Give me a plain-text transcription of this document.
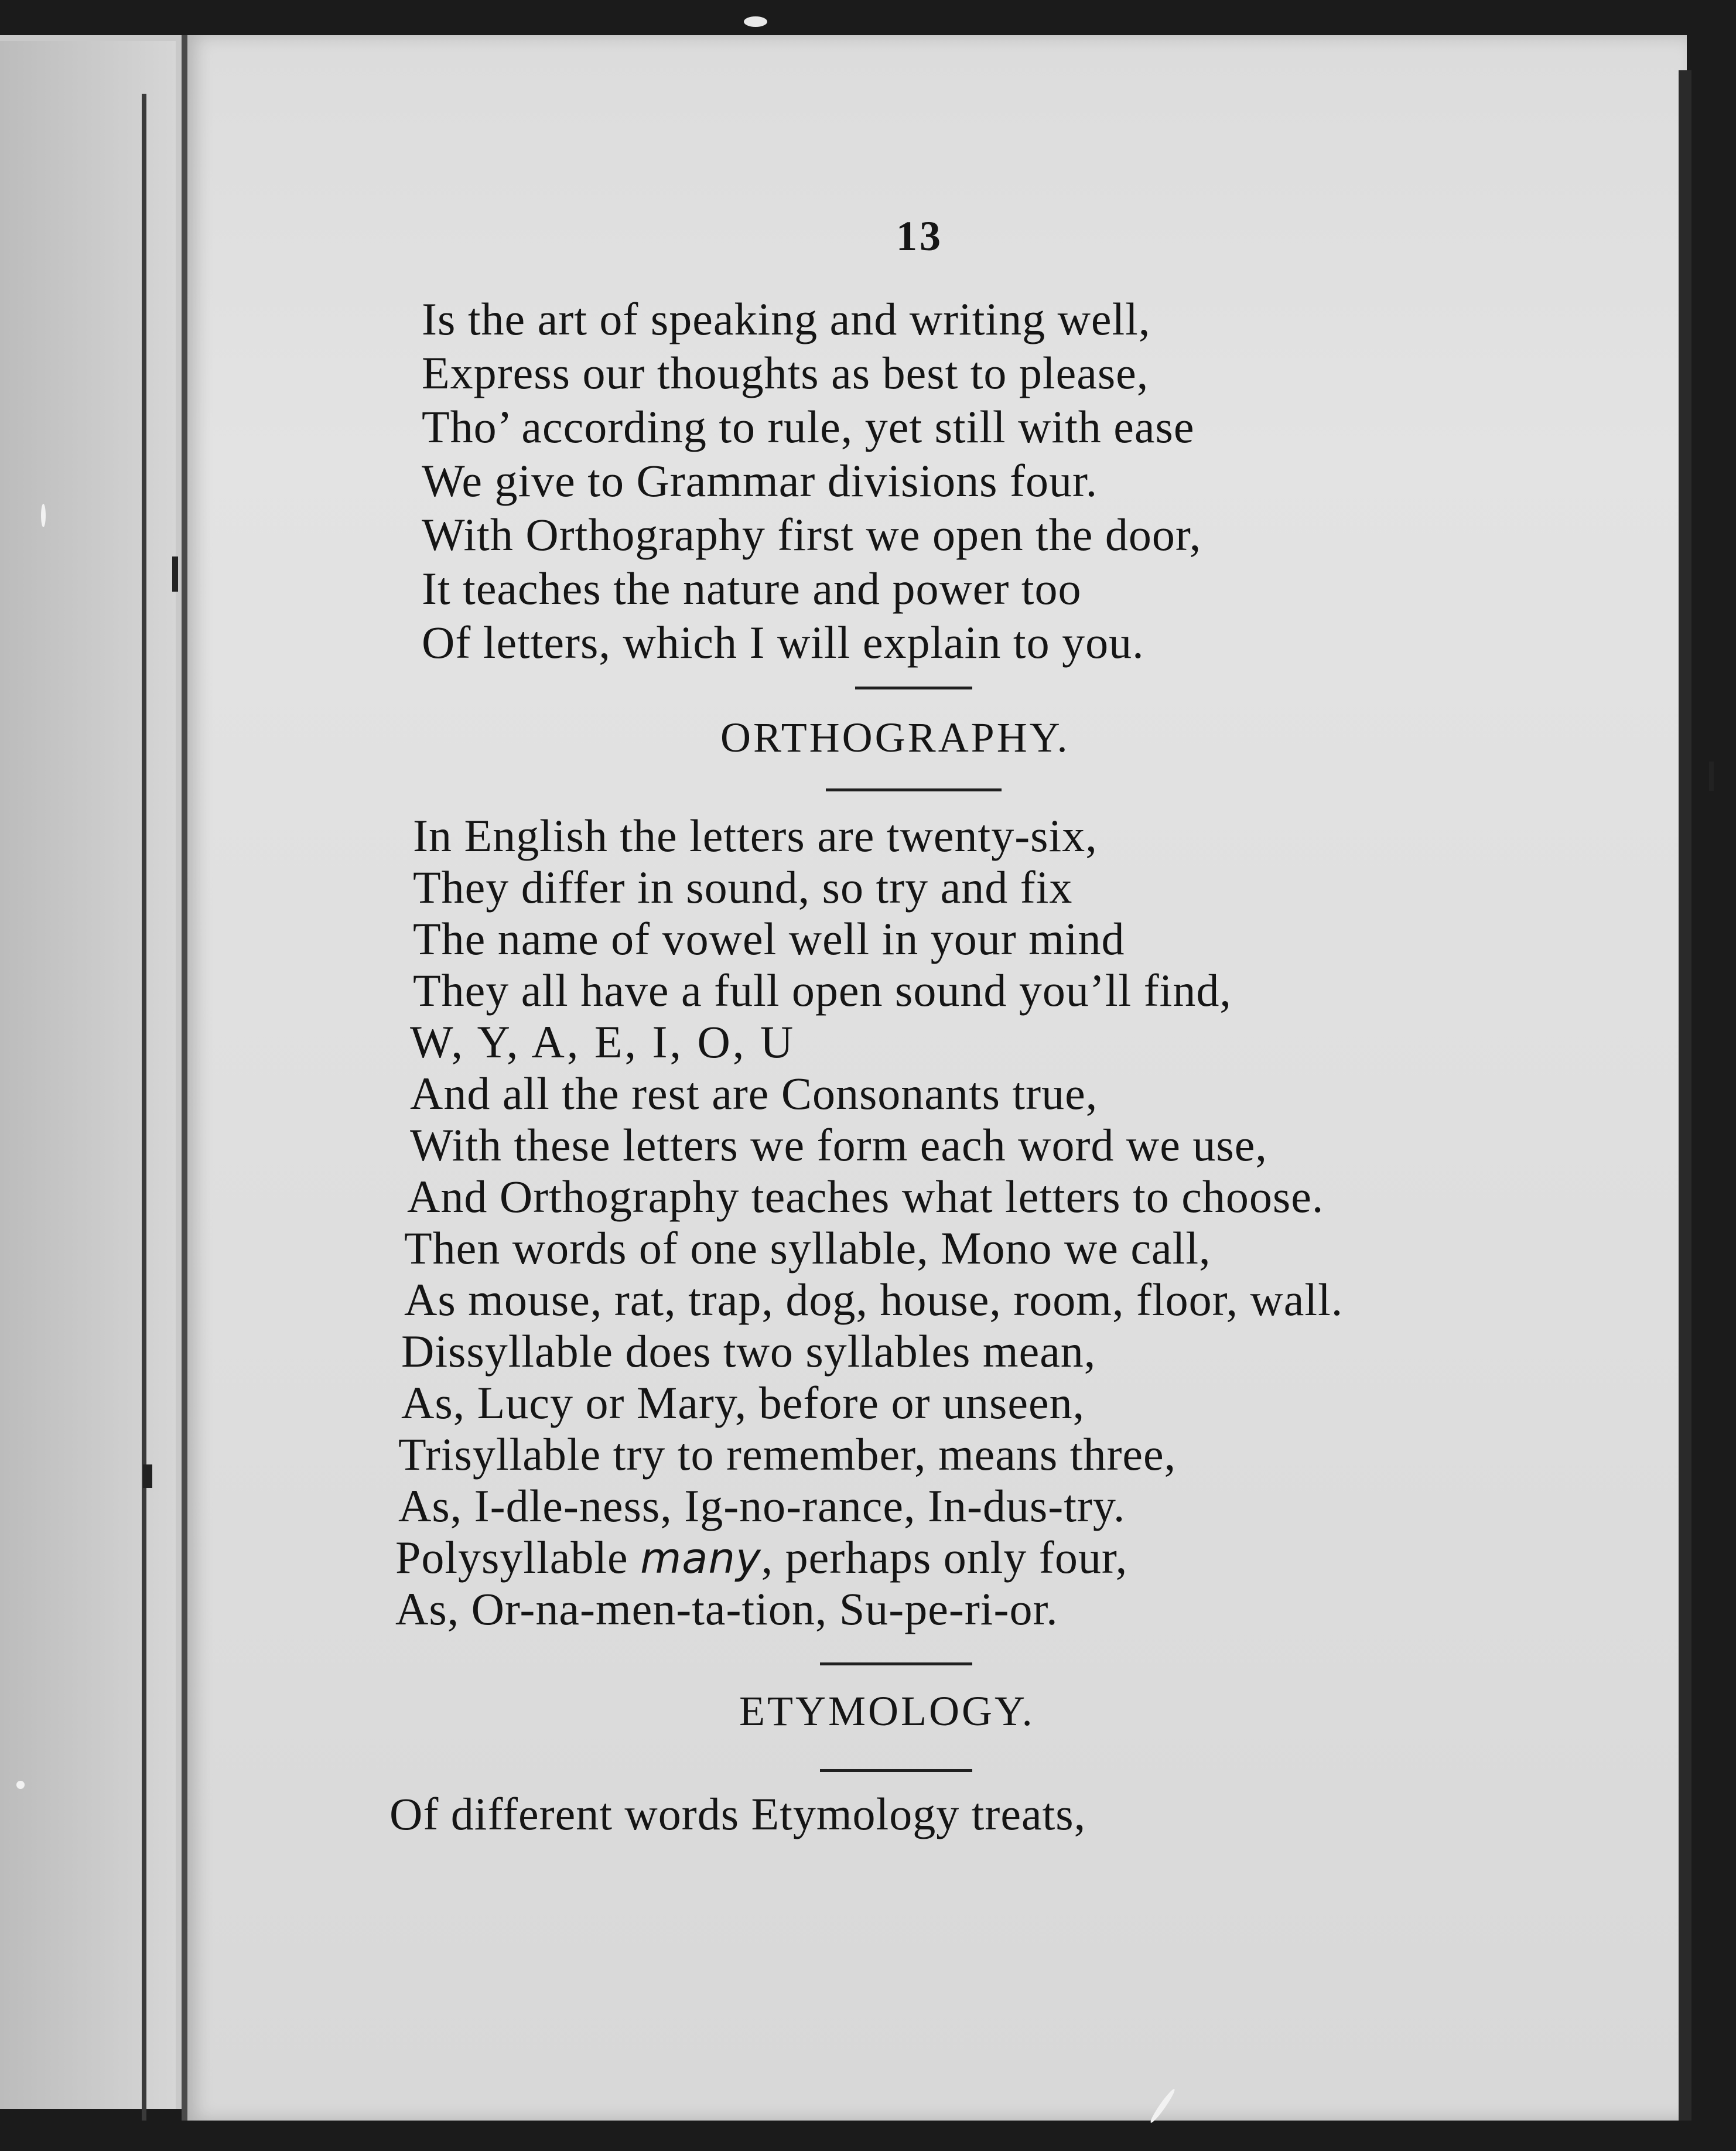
13
Is the art of speaking and writing well,
Express our thoughts as best to please,
Tho’ according to rule, yet still with ease
We give to Grammar divisions four.
With Orthography first we open the door,
It teaches the nature and power too
Of letters, which I will explain to you.
ORTHOGRAPHY.
In English the letters are twenty-six,
They differ in sound, so try and fix
The name of vowel well in your mind
They all have a full open sound you’ll find,
W, Y, A, E, I, O, U
And all the rest are Consonants true,
With these letters we form each word we use,
And Orthography teaches what letters to choose.
Then words of one syllable, Mono we call,
As mouse, rat, trap, dog, house, room, floor, wall.
Dissyllable does two syllables mean,
As, Lucy or Mary, before or unseen,
Trisyllable try to remember, means three,
As, I-dle-ness, Ig-no-rance, In-dus-try.
Polysyllable many, perhaps only four,
As, Or-na-men-ta-tion, Su-pe-ri-or.
ETYMOLOGY.
Of different words Etymology treats,
